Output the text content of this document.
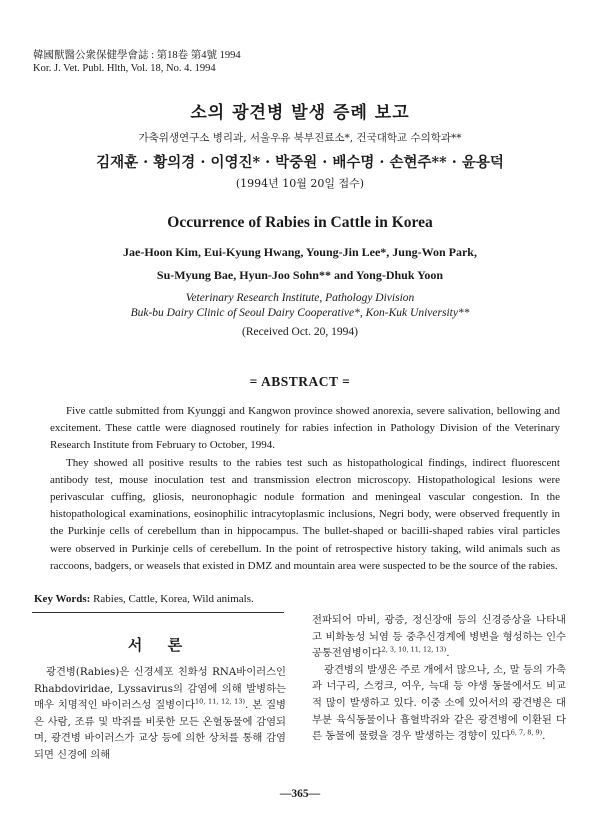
韓國獸醫公衆保健學會誌 : 第18卷 第4號 1994
Kor. J. Vet. Publ. Hlth, Vol. 18, No. 4. 1994
소의 광견병 발생 증례 보고
가축위생연구소 병리과, 서울우유 북부진료소*, 건국대학교 수의학과**
김재훈 · 황의경 · 이영진* · 박중원 · 배수명 · 손현주** · 윤용덕
(1994년 10월 20일 접수)
Occurrence of Rabies in Cattle in Korea
Jae-Hoon Kim, Eui-Kyung Hwang, Young-Jin Lee*, Jung-Won Park,
Su-Myung Bae, Hyun-Joo Sohn** and Yong-Dhuk Yoon
Veterinary Research Institute, Pathology Division
Buk-bu Dairy Clinic of Seoul Dairy Cooperative*, Kon-Kuk University**
(Received Oct. 20, 1994)
= ABSTRACT =

Five cattle submitted from Kyunggi and Kangwon province showed anorexia, severe salivation, bellowing and excitement. These cattle were diagnosed routinely for rabies infection in Pathology Division of the Veterinary Research Institute from February to October, 1994.

They showed all positive results to the rabies test such as histopathological findings, indirect fluorescent antibody test, mouse inoculation test and transmission electron microscopy. Histopathological lesions were perivascular cuffing, gliosis, neuronophagic nodule formation and meningeal vascular congestion. In the histopathological examinations, eosinophilic intracytoplasmic inclusions, Negri body, were observed frequently in the Purkinje cells of cerebellum than in hippocampus. The bullet-shaped or bacilli-shaped rabies viral particles were observed in Purkinje cells of cerebellum. In the point of retrospective history taking, wild animals such as raccoons, badgers, or weasels that existed in DMZ and mountain area were suspected to be the source of the rabies.

Key Words: Rabies, Cattle, Korea, Wild animals.
서 론

광견병(Rabies)은 신경세포 친화성 RNA바이러스인 Rhabdoviridae, Lyssavirus의 감염에 의해 발병하는 매우 치명적인 바이러스성 질병이다$^{10, 11, 12, 13)}$. 본 질병은 사람, 조류 및 박쥐를 비롯한 모든 온혈동물에 감염되며, 광견병 바이러스가 교상 등에 의한 상처를 통해 감염되면 신경에 의해

전파되어 마비, 광증, 정신장애 등의 신경증상을 나타내고 비화농성 뇌염 등 중추신경계에 병변을 형성하는 인수 공통전염병이다$^{2, 3, 10, 11, 12, 13)}$.

광견병의 발생은 주로 개에서 많으나, 소, 말 등의 가축과 너구리, 스컹크, 여우, 늑대 등 야생 동물에서도 비교적 많이 발생하고 있다. 이중 소에 있어서의 광견병은 대부분 육식동물이나 흡혈박쥐와 같은 광견병에 이환된 다른 동물에 물렸을 경우 발생하는 경향이 있다$^{6, 7, 8, 9)}$.

—365—
